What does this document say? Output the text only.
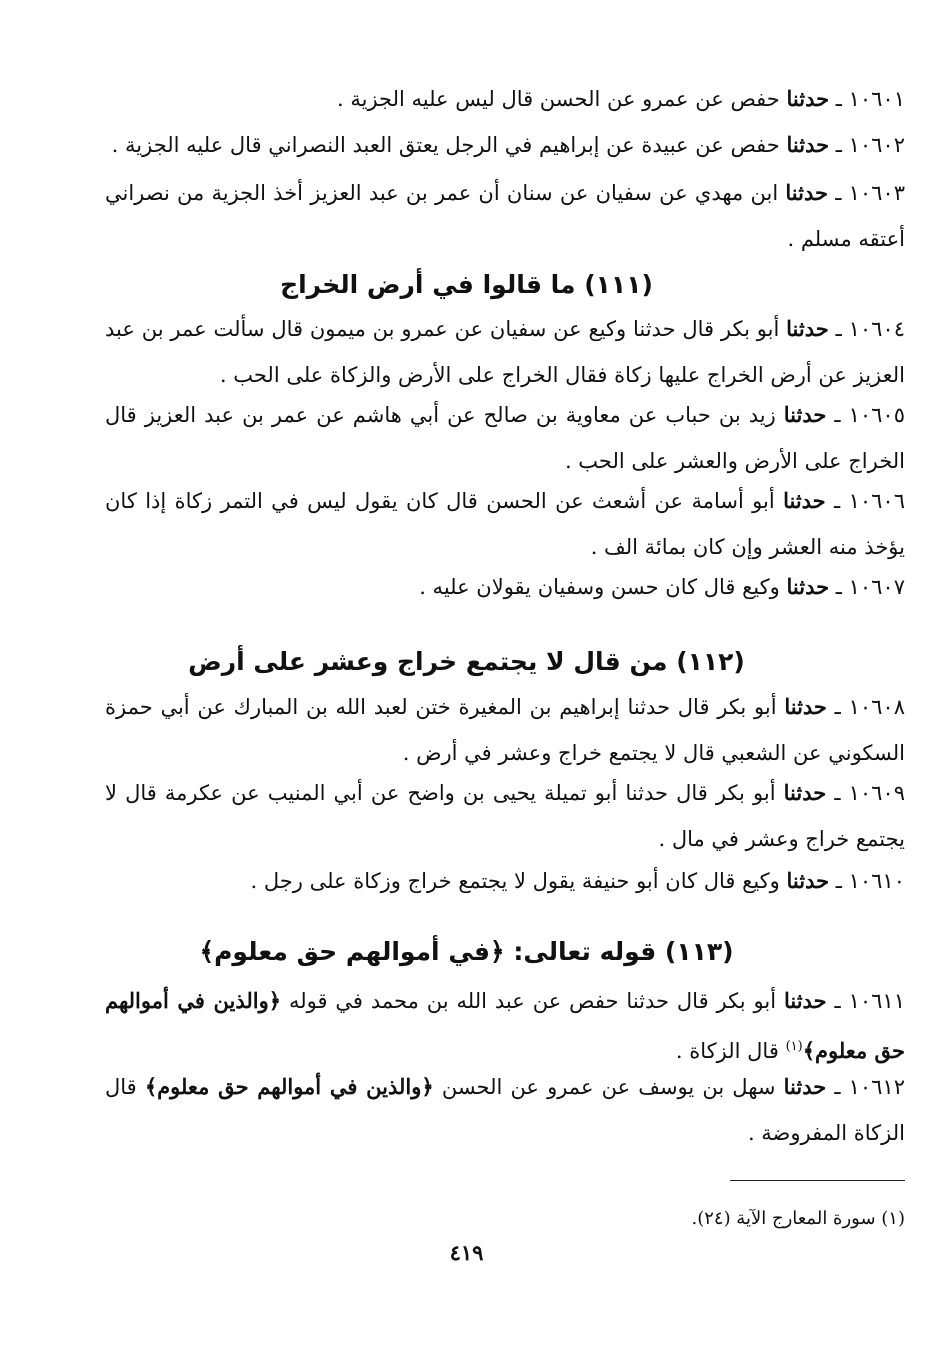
١٠٦٠١ ـ حدثنا حفص عن عمرو عن الحسن قال ليس عليه الجزية .
١٠٦٠٢ ـ حدثنا حفص عن عبيدة عن إبراهيم في الرجل يعتق العبد النصراني قال عليه الجزية .
١٠٦٠٣ ـ حدثنا ابن مهدي عن سفيان عن سنان أن عمر بن عبد العزيز أخذ الجزية من نصراني أعتقه مسلم .
(١١١) ما قالوا في أرض الخراج
١٠٦٠٤ ـ حدثنا أبو بكر قال حدثنا وكيع عن سفيان عن عمرو بن ميمون قال سألت عمر بن عبد العزيز عن أرض الخراج عليها زكاة فقال الخراج على الأرض والزكاة على الحب .
١٠٦٠٥ ـ حدثنا زيد بن حباب عن معاوية بن صالح عن أبي هاشم عن عمر بن عبد العزيز قال الخراج على الأرض والعشر على الحب .
١٠٦٠٦ ـ حدثنا أبو أسامة عن أشعث عن الحسن قال كان يقول ليس في التمر زكاة إذا كان يؤخذ منه العشر وإن كان بمائة الف .
١٠٦٠٧ ـ حدثنا وكيع قال كان حسن وسفيان يقولان عليه .
(١١٢) من قال لا يجتمع خراج وعشر على أرض
١٠٦٠٨ ـ حدثنا أبو بكر قال حدثنا إبراهيم بن المغيرة ختن لعبد الله بن المبارك عن أبي حمزة السكوني عن الشعبي قال لا يجتمع خراج وعشر في أرض .
١٠٦٠٩ ـ حدثنا أبو بكر قال حدثنا أبو تميلة يحيى بن واضح عن أبي المنيب عن عكرمة قال لا يجتمع خراج وعشر في مال .
١٠٦١٠ ـ حدثنا وكيع قال كان أبو حنيفة يقول لا يجتمع خراج وزكاة على رجل .
(١١٣) قوله تعالى: ﴿في أموالهم حق معلوم﴾
١٠٦١١ ـ حدثنا أبو بكر قال حدثنا حفص عن عبد الله بن محمد في قوله ﴿والذين في أموالهم حق معلوم﴾$^{(١)}$ قال الزكاة .
١٠٦١٢ ـ حدثنا سهل بن يوسف عن عمرو عن الحسن ﴿والذين في أموالهم حق معلوم﴾ قال الزكاة المفروضة .
(١) سورة المعارج الآية (٢٤).
٤١٩
